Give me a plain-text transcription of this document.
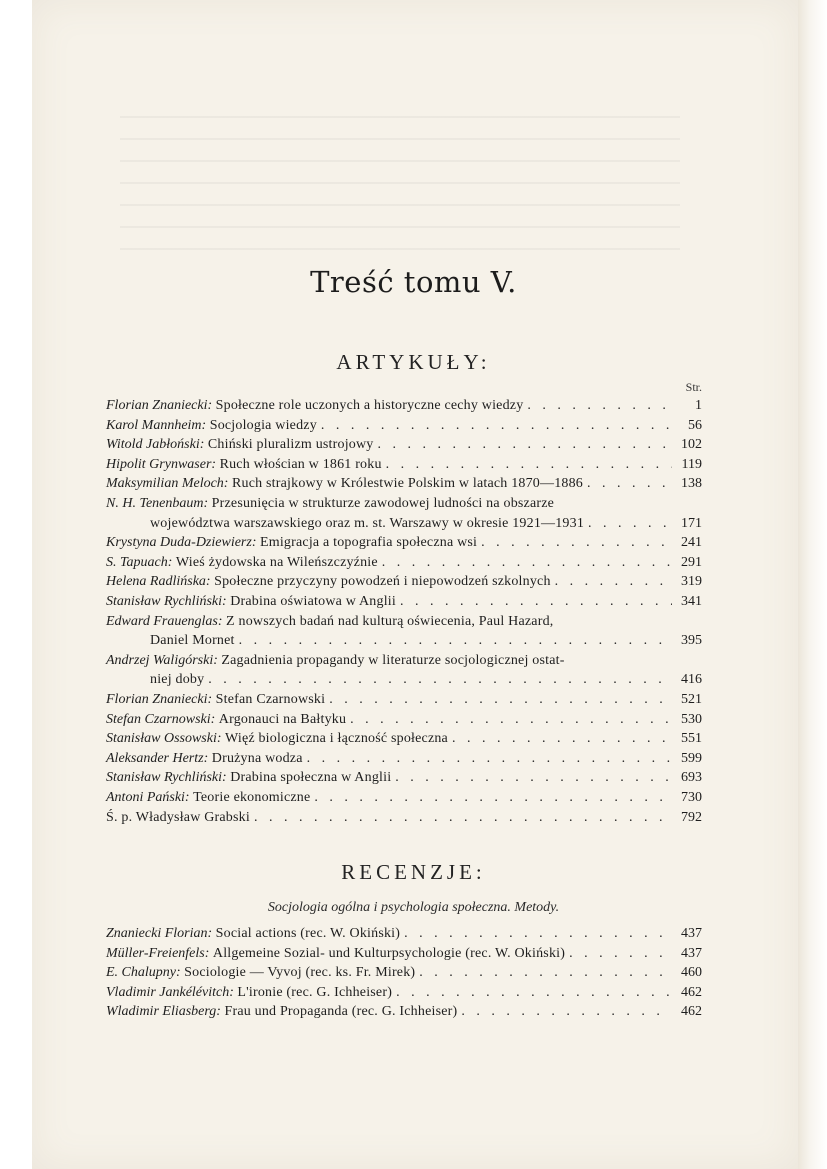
Treść tomu V.
ARTYKUŁY:
Str.
Florian Znaniecki:
Społeczne role uczonych a historyczne cechy wiedzy . . .	1
Karol Mannheim:
Socjologia wiedzy . . .	56
Witold Jabłoński:
Chiński pluralizm ustrojowy . . .	102
Hipolit Grynwaser:
Ruch włościan w 1861 roku . . .	119
Maksymilian Meloch:
Ruch strajkowy w Królestwie Polskim w latach 1870—1886 . . .	138
N. H. Tenenbaum:
Przesunięcia w strukturze zawodowej ludności na obszarze
województwa warszawskiego oraz m. st. Warszawy w okresie 1921—1931 . . .	171
Krystyna Duda-Dziewierz:
Emigracja a topografia społeczna wsi . . .	241
S. Tapuach:
Wieś żydowska na Wileńszczyźnie . . .	291
Helena Radlińska:
Społeczne przyczyny powodzeń i niepowodzeń szkolnych . . .	319
Stanisław Rychliński:
Drabina oświatowa w Anglii . . .	341
Edward Frauenglas:
Z nowszych badań nad kulturą oświecenia, Paul Hazard,
Daniel Mornet . . .	395
Andrzej Waligórski:
Zagadnienia propagandy w literaturze socjologicznej ostat-
niej doby . . .	416
Florian Znaniecki:
Stefan Czarnowski . . .	521
Stefan Czarnowski:
Argonauci na Bałtyku . . .	530
Stanisław Ossowski:
Więź biologiczna i łączność społeczna . . .	551
Aleksander Hertz:
Drużyna wodza . . .	599
Stanisław Rychliński:
Drabina społeczna w Anglii . . .	693
Antoni Pański:
Teorie ekonomiczne . . .	730
Ś. p. Władysław Grabski . . .	792
RECENZJE:
Socjologia ogólna i psychologia społeczna. Metody.
Znaniecki Florian:
Social actions (rec. W. Okiński) . . .	437
Müller-Freienfels:
Allgemeine Sozial- und Kulturpsychologie (rec. W. Okiński) . . .	437
E. Chalupny:
Sociologie — Vyvoj (rec. ks. Fr. Mirek) . . .	460
Vladimir Jankélévitch:
L'ironie (rec. G. Ichheiser) . . .	462
Wladimir Eliasberg:
Frau und Propaganda (rec. G. Ichheiser) . . .	462
